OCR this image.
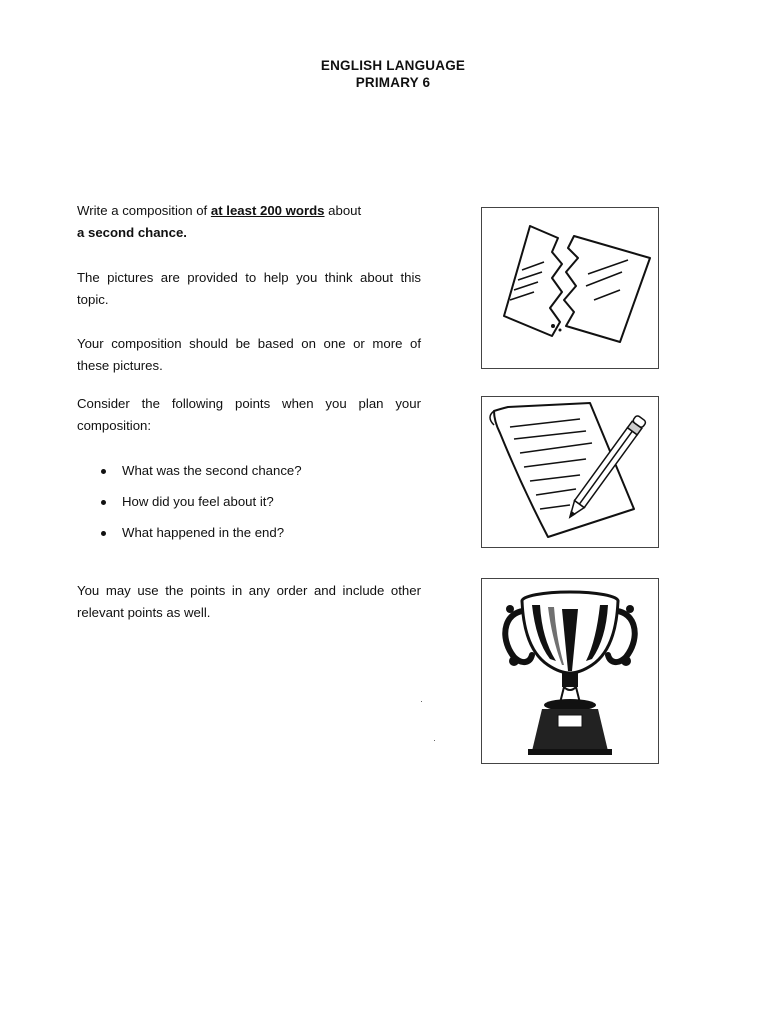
ENGLISH LANGUAGE
PRIMARY 6
Write a composition of at least 200 words about
a second chance.
The pictures are provided to help you think about this topic.
Your composition should be based on one or more of these pictures.
Consider the following points when you plan your composition:
What was the second chance?
How did you feel about it?
What happened in the end?
You may use the points in any order and include other relevant points as well.
